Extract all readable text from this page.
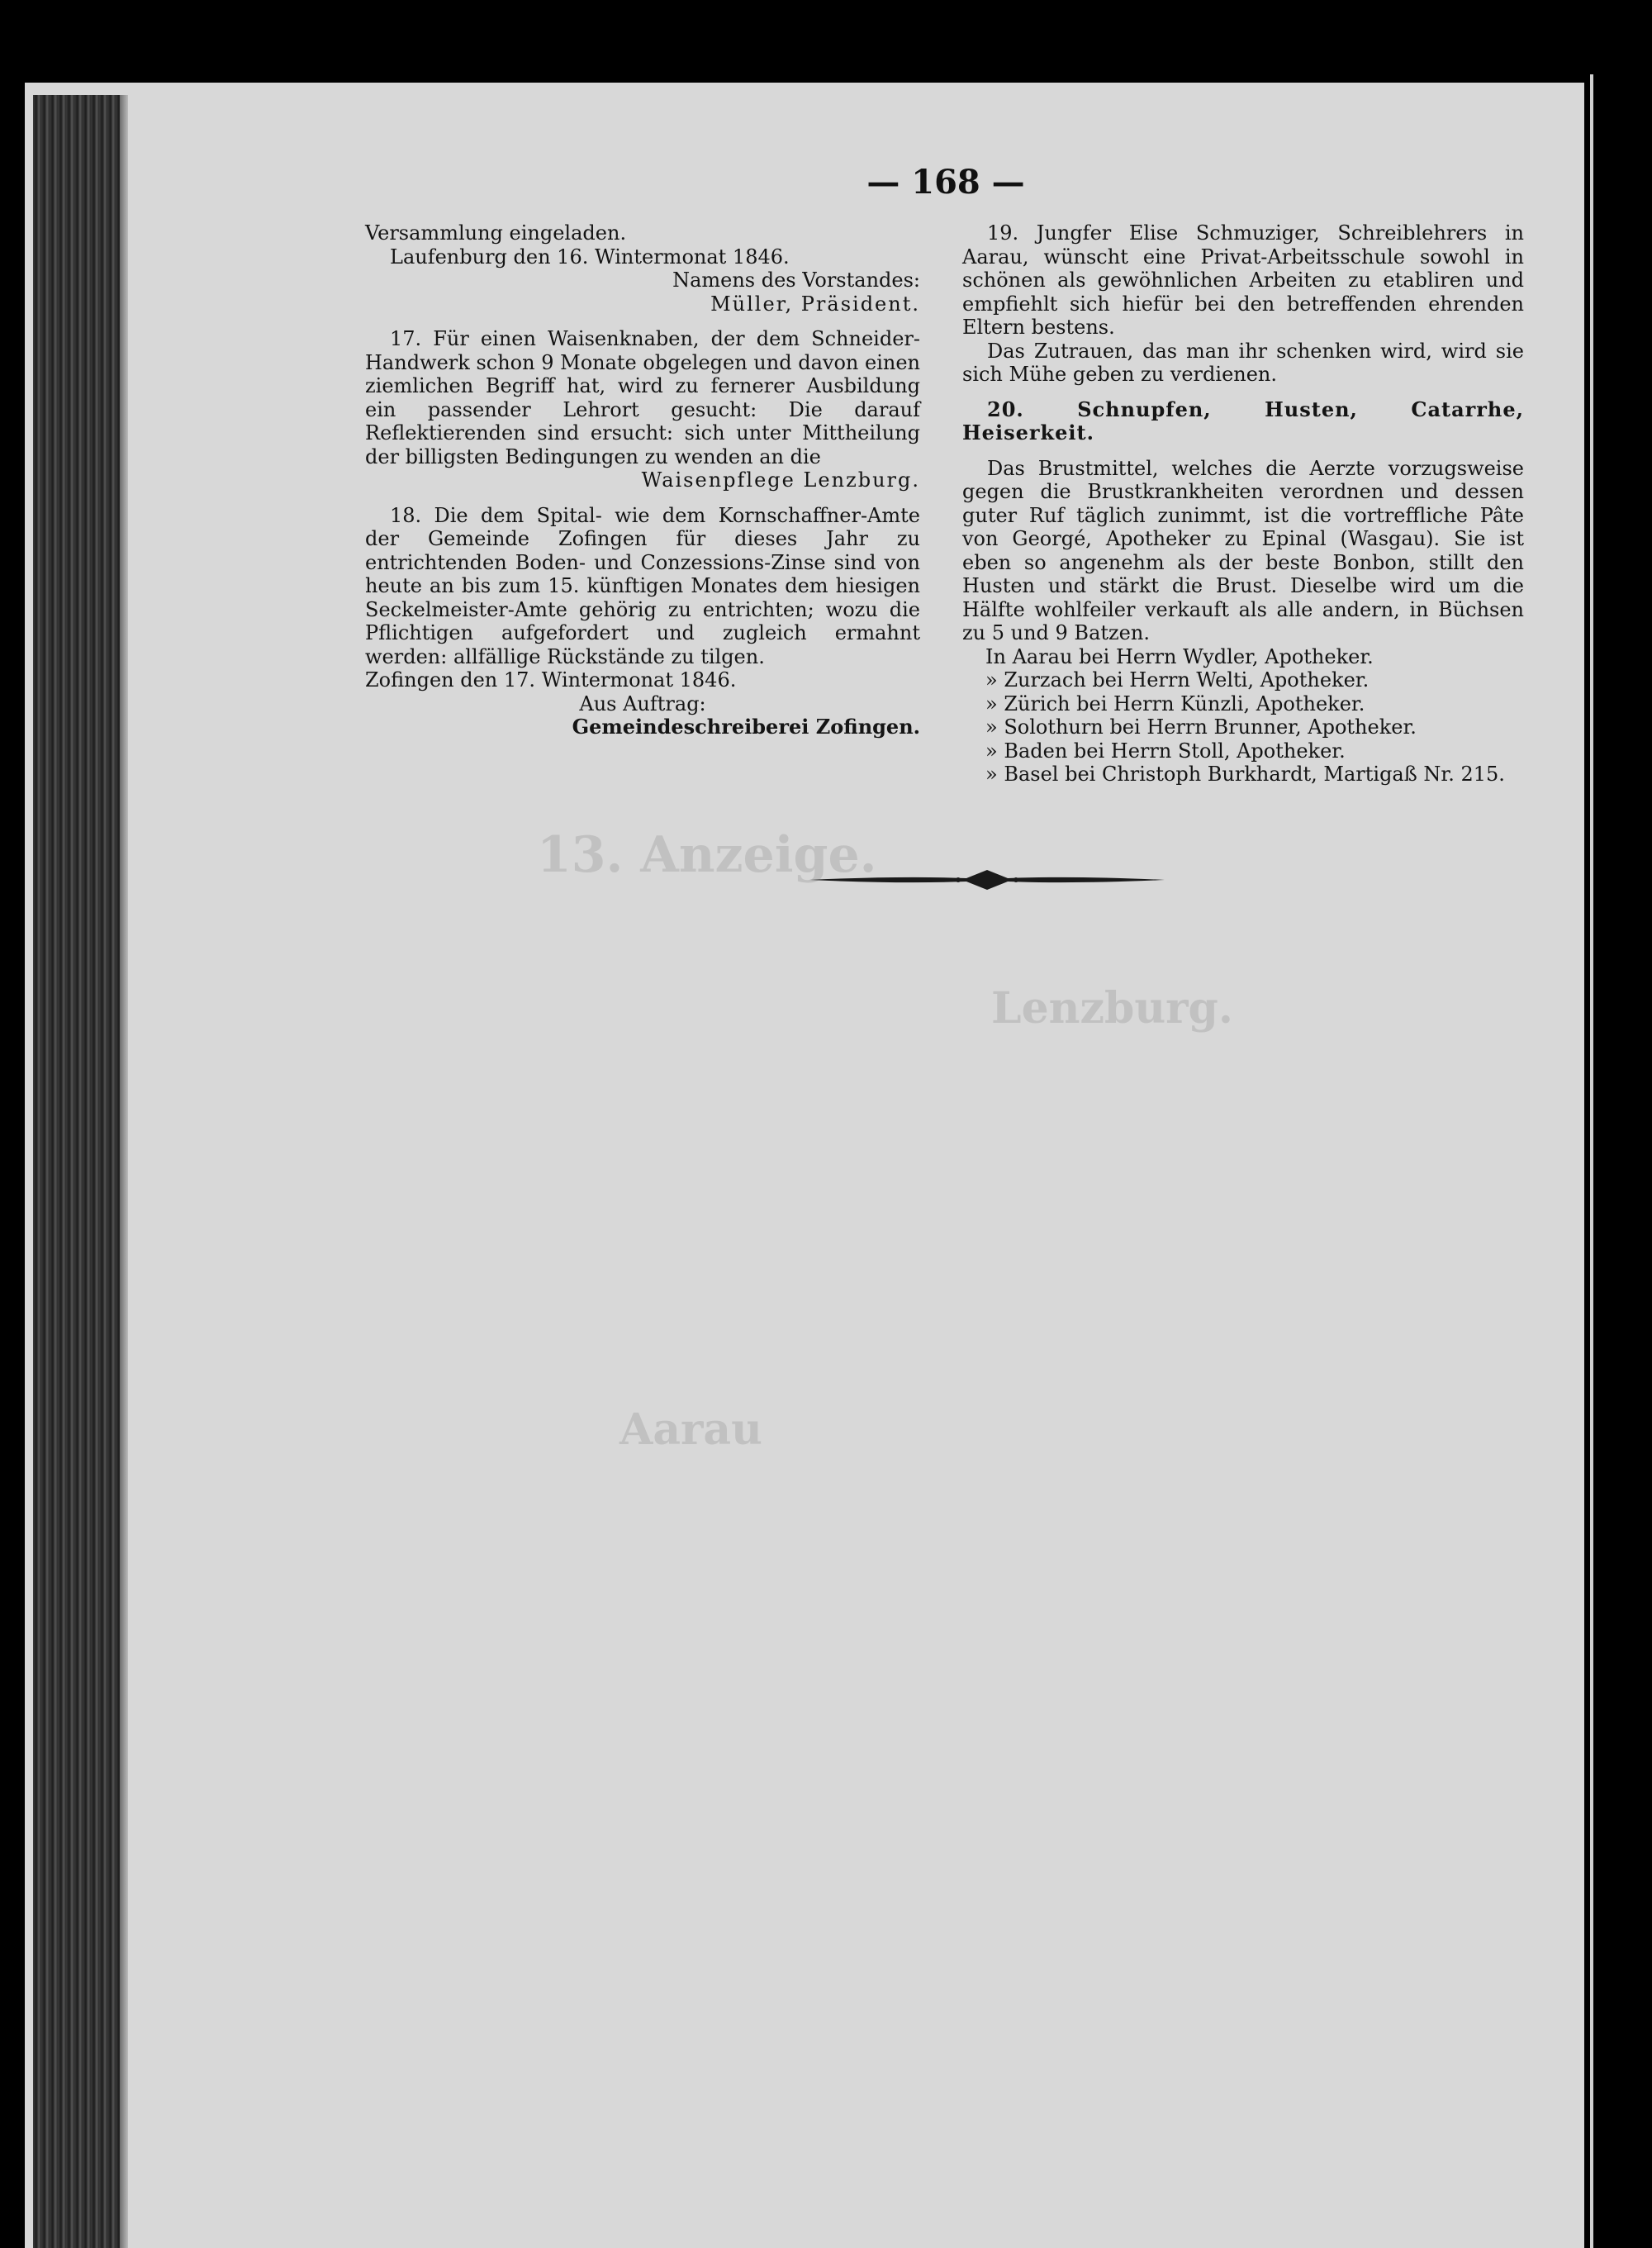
13. Anzeige.
Lenzburg.
Aarau
— 168 —

Versammlung eingeladen.

Laufenburg den 16. Wintermonat 1846.

Namens des Vorstandes:

Müller, Präsident.

17. Für einen Waisenknaben, der dem Schneider-Handwerk schon 9 Monate obgelegen und davon einen ziemlichen Begriff hat, wird zu fernerer Ausbildung ein passender Lehrort gesucht: Die darauf Reflektierenden sind ersucht: sich unter Mittheilung der billigsten Bedingungen zu wenden an die

Waisenpflege Lenzburg.

18. Die dem Spital- wie dem Kornschaffner-Amte der Gemeinde Zofingen für dieses Jahr zu entrichtenden Boden- und Conzessions-Zinse sind von heute an bis zum 15. künftigen Monates dem hiesigen Seckelmeister-Amte gehörig zu entrichten; wozu die Pflichtigen aufgefordert und zugleich ermahnt werden: allfällige Rückstände zu tilgen.

Zofingen den 17. Wintermonat 1846.

Aus Auftrag:

Gemeindeschreiberei Zofingen.

19. Jungfer Elise Schmuziger, Schreiblehrers in Aarau, wünscht eine Privat-Arbeitsschule sowohl in schönen als gewöhnlichen Arbeiten zu etabliren und empfiehlt sich hiefür bei den betreffenden ehrenden Eltern bestens.

Das Zutrauen, das man ihr schenken wird, wird sie sich Mühe geben zu verdienen.

20. Schnupfen, Husten, Catarrhe, Heiserkeit.

Das Brustmittel, welches die Aerzte vorzugsweise gegen die Brustkrankheiten verordnen und dessen guter Ruf täglich zunimmt, ist die vortreffliche Pâte von Georgé, Apotheker zu Epinal (Wasgau). Sie ist eben so angenehm als der beste Bonbon, stillt den Husten und stärkt die Brust. Dieselbe wird um die Hälfte wohlfeiler verkauft als alle andern, in Büchsen zu 5 und 9 Batzen.

In Aarau bei Herrn Wydler, Apotheker.

» Zurzach bei Herrn Welti, Apotheker.

» Zürich bei Herrn Künzli, Apotheker.

» Solothurn bei Herrn Brunner, Apotheker.

» Baden bei Herrn Stoll, Apotheker.

» Basel bei Christoph Burkhardt, Martigaß Nr. 215.
